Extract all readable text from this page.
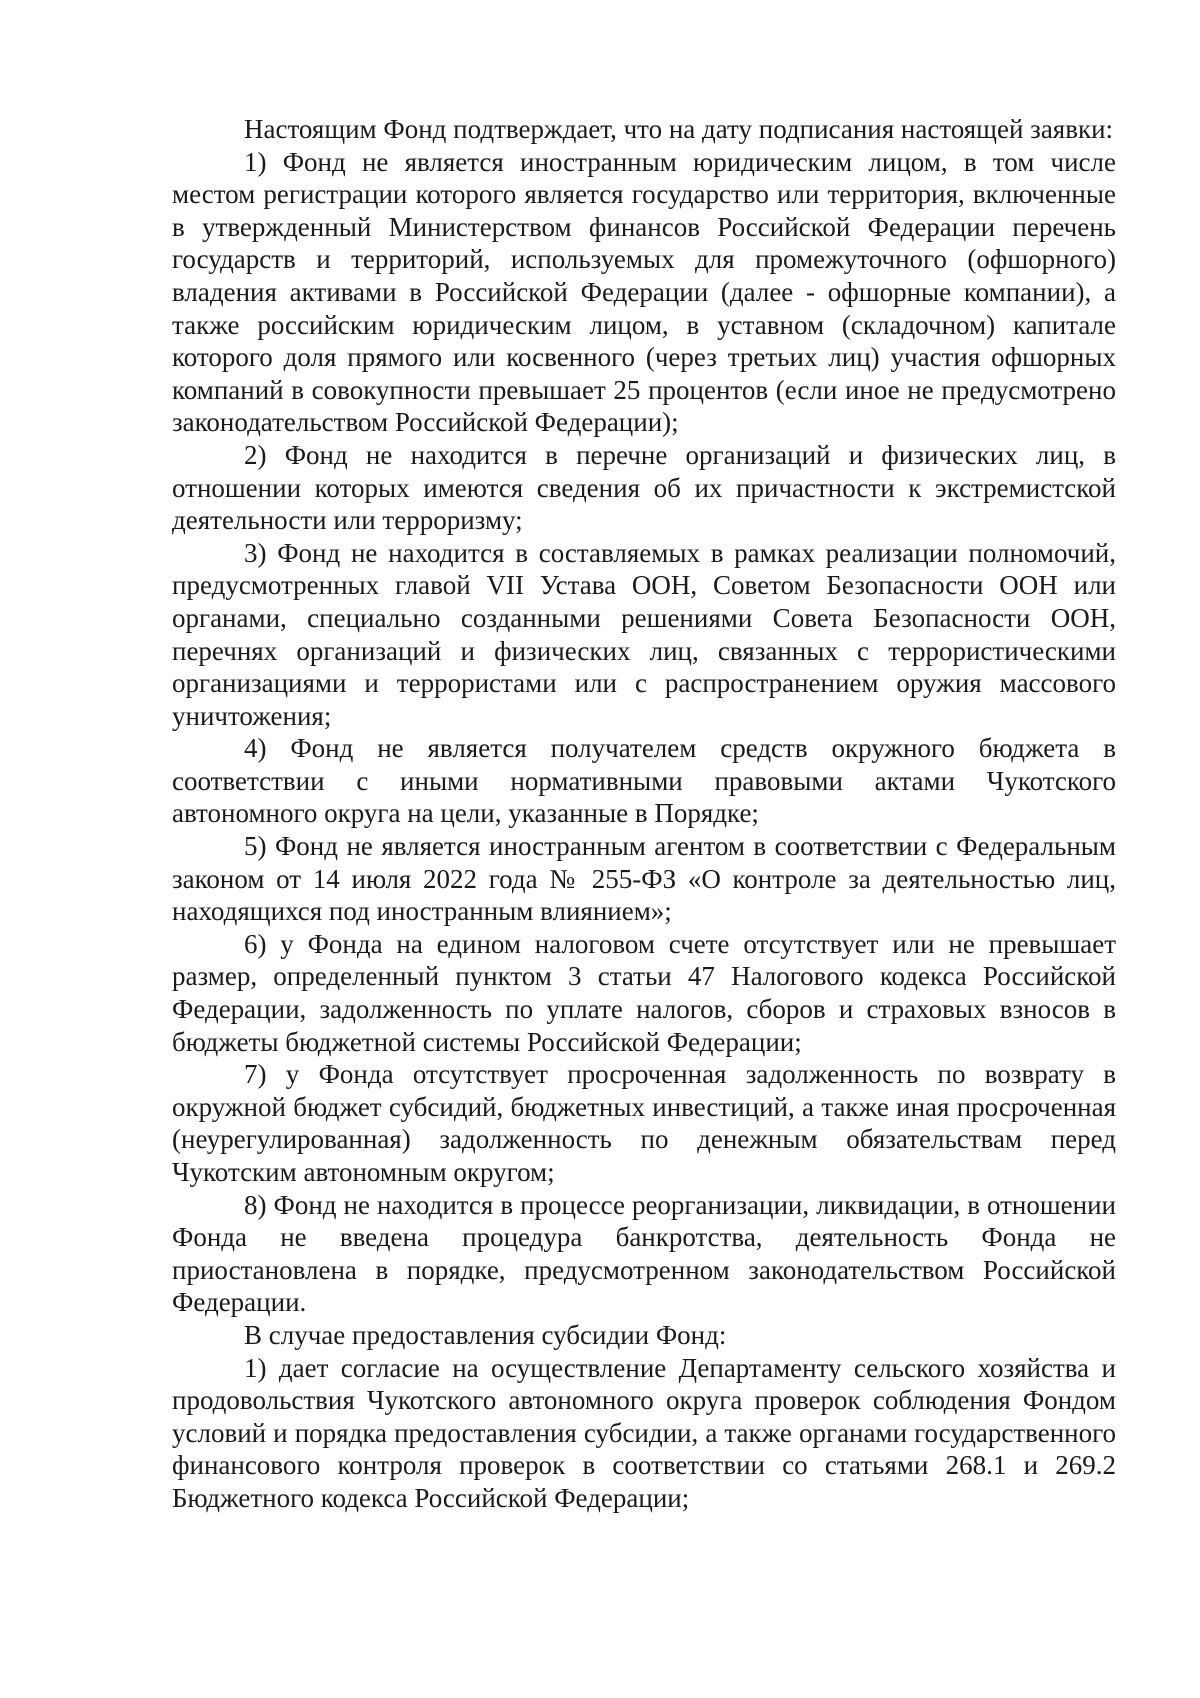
Настоящим Фонд подтверждает, что на дату подписания настоящей заявки:

1) Фонд не является иностранным юридическим лицом, в том числе местом регистрации которого является государство или территория, включенные в утвержденный Министерством финансов Российской Федерации перечень государств и территорий, используемых для промежуточного (офшорного) владения активами в Российской Федерации (далее - офшорные компании), а также российским юридическим лицом, в уставном (складочном) капитале которого доля прямого или косвенного (через третьих лиц) участия офшорных компаний в совокупности превышает 25 процентов (если иное не предусмотрено законодательством Российской Федерации);

2) Фонд не находится в перечне организаций и физических лиц, в отношении которых имеются сведения об их причастности к экстремистской деятельности или терроризму;

3) Фонд не находится в составляемых в рамках реализации полномочий, предусмотренных главой VII Устава ООН, Советом Безопасности ООН или органами, специально созданными решениями Совета Безопасности ООН, перечнях организаций и физических лиц, связанных с террористическими организациями и террористами или с распространением оружия массового уничтожения;

4) Фонд не является получателем средств окружного бюджета в соответствии с иными нормативными правовыми актами Чукотского автономного округа на цели, указанные в Порядке;

5) Фонд не является иностранным агентом в соответствии с Федеральным законом от 14 июля 2022 года № 255-ФЗ «О контроле за деятельностью лиц, находящихся под иностранным влиянием»;

6) у Фонда на едином налоговом счете отсутствует или не превышает размер, определенный пунктом 3 статьи 47 Налогового кодекса Российской Федерации, задолженность по уплате налогов, сборов и страховых взносов в бюджеты бюджетной системы Российской Федерации;

7) у Фонда отсутствует просроченная задолженность по возврату в окружной бюджет субсидий, бюджетных инвестиций, а также иная просроченная (неурегулированная) задолженность по денежным обязательствам перед Чукотским автономным округом;

8) Фонд не находится в процессе реорганизации, ликвидации, в отношении Фонда не введена процедура банкротства, деятельность Фонда не приостановлена в порядке, предусмотренном законодательством Российской Федерации.

В случае предоставления субсидии Фонд:

1) дает согласие на осуществление Департаменту сельского хозяйства и продовольствия Чукотского автономного округа проверок соблюдения Фондом условий и порядка предоставления субсидии, а также органами государственного финансового контроля проверок в соответствии со статьями 268.1 и 269.2 Бюджетного кодекса Российской Федерации;
